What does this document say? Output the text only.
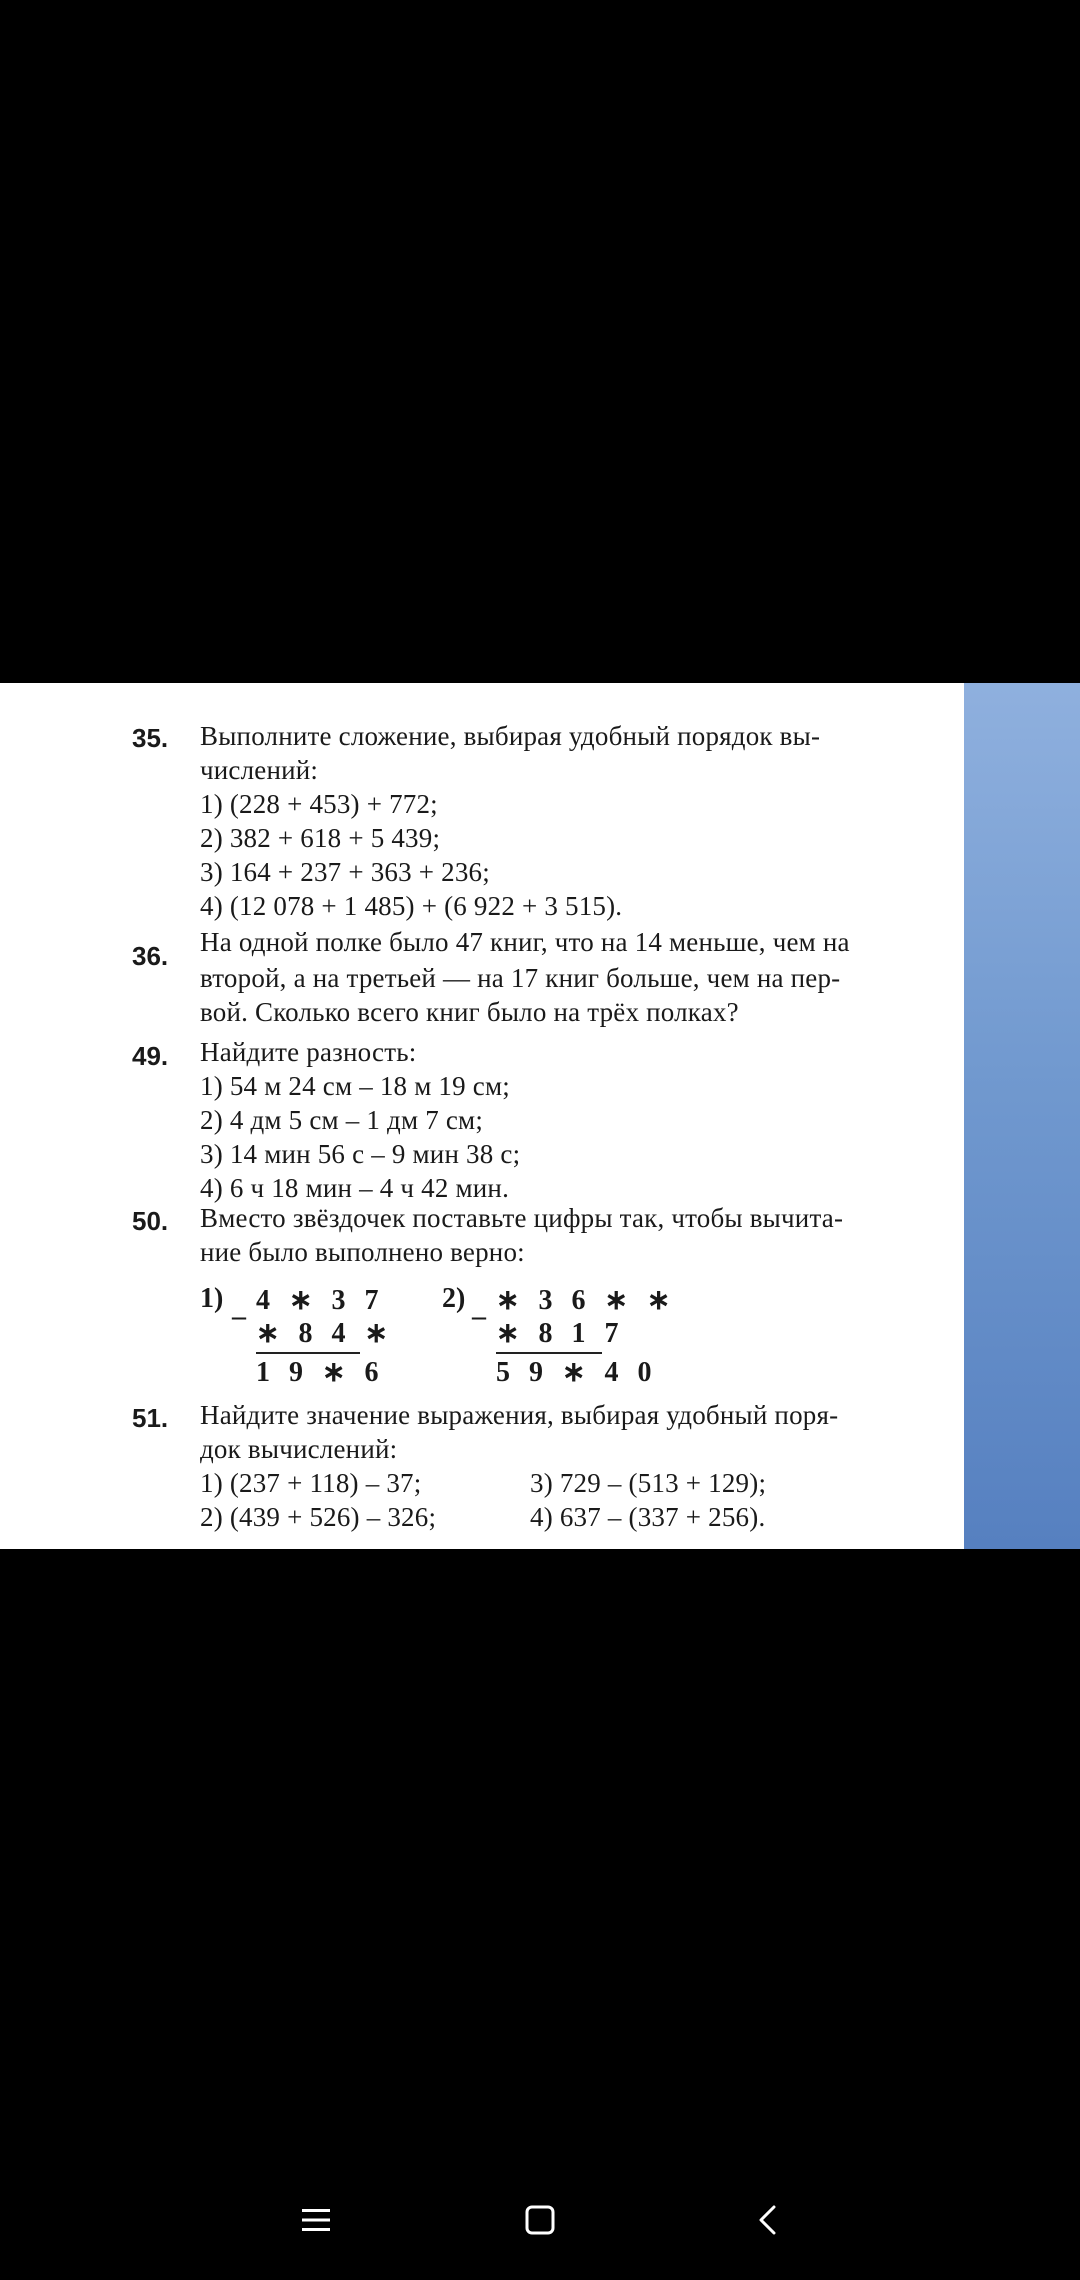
35. Выполните сложение, выбирая удобный порядок вы-
числений:
1) (228 + 453) + 772;
2) 382 + 618 + 5 439;
3) 164 + 237 + 363 + 236;
4) (12 078 + 1 485) + (6 922 + 3 515).
36. На одной полке было 47 книг, что на 14 меньше, чем на
второй, а на третьей — на 17 книг больше, чем на пер-
вой. Сколько всего книг было на трёх полках?
49. Найдите разность:
1) 54 м 24 см – 18 м 19 см;
2) 4 дм 5 см – 1 дм 7 см;
3) 14 мин 56 с – 9 мин 38 с;
4) 6 ч 18 мин – 4 ч 42 мин.
50. Вместо звёздочек поставьте цифры так, чтобы вычита-
ние было выполнено верно:
1)
–
4 ∗ 3 7
∗ 8 4 ∗
1 9 ∗ 6
2)
–
∗ 3 6 ∗ ∗
∗ 8 1 7
5 9 ∗ 4 0
51. Найдите значение выражения, выбирая удобный поря-
док вычислений:
1) (237 + 118) – 37;
2) (439 + 526) – 326;
3) 729 – (513 + 129);
4) 637 – (337 + 256).
